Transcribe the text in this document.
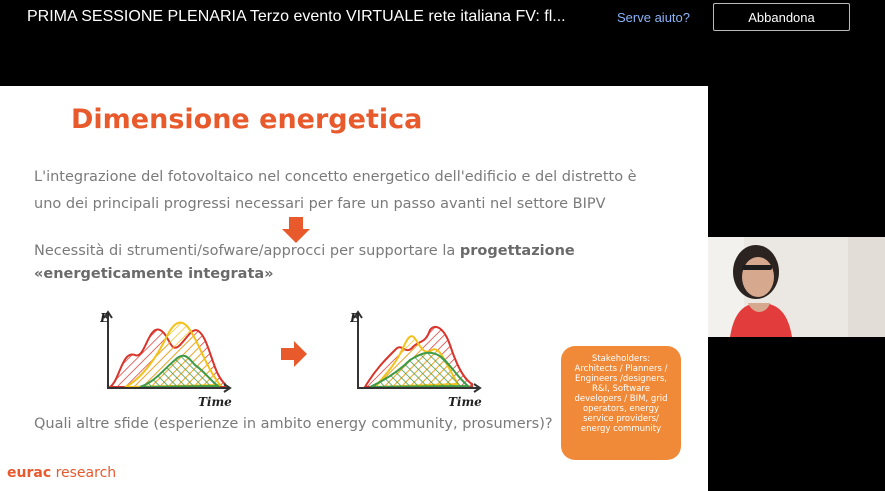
PRIMA SESSIONE PLENARIA Terzo evento VIRTUALE rete italiana FV: fl...	Serve aiuto?	Abbandona
Dimensione energetica
L'integrazione del fotovoltaico nel concetto energetico dell'edificio e del distretto è
uno dei principali progressi necessari per fare un passo avanti nel settore BIPV
Necessità di strumenti/sofware/approcci per supportare la progettazione
«energeticamente integrata»
E
Time
E
Time
Quali altre sfide (esperienze in ambito energy community, prosumers)?
Stakeholders:
Architects / Planners /
Engineers /designers,
R&I, Software
developers / BIM, grid
operators, energy
service providers/
energy community
eurac research
